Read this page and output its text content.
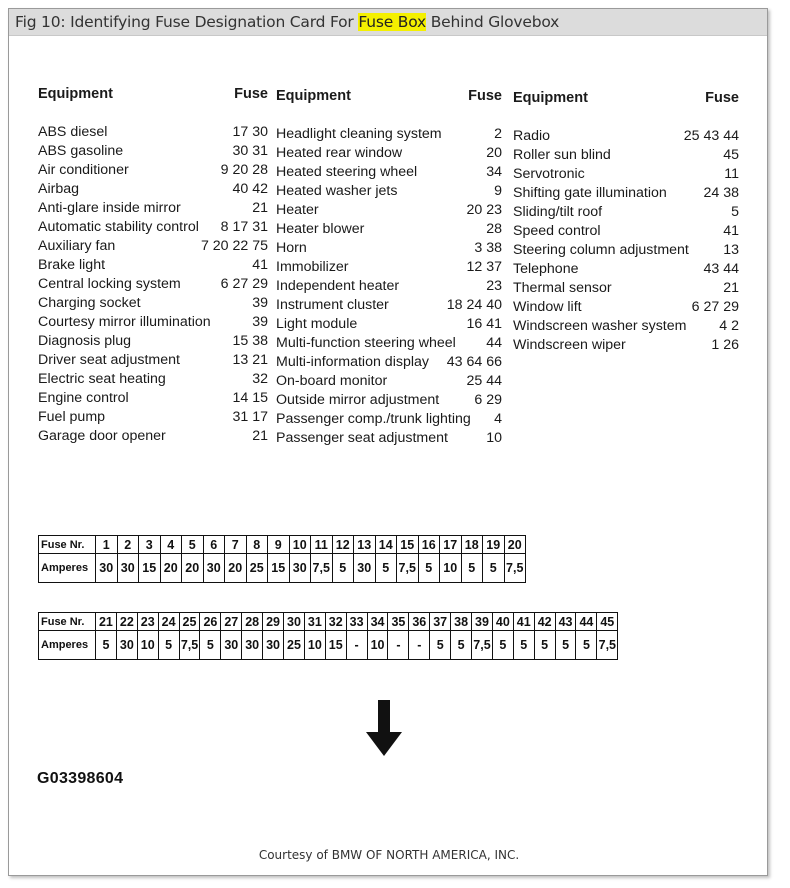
Fig 10: Identifying Fuse Designation Card For Fuse Box Behind Glovebox
Equipment	Fuse
ABS diesel	17 30
ABS gasoline	30 31
Air conditioner	9 20 28
Airbag	40 42
Anti-glare inside mirror	21
Automatic stability control 8 17 31
Auxiliary fan	7 20 22 75
Brake light	41
Central locking system	6 27 29
Charging socket	39
Courtesy mirror illumination	39
Diagnosis plug	15 38
Driver seat adjustment	13 21
Electric seat heating	32
Engine control	14 15
Fuel pump	31 17
Garage door opener	21
Equipment	Fuse
Headlight cleaning system	2
Heated rear window	20
Heated steering wheel	34
Heated washer jets	9
Heater	20 23
Heater blower	28
Horn	3 38
Immobilizer	12 37
Independent heater	23
Instrument cluster	18 24 40
Light module	16 41
Multi-function steering wheel 44
Multi-information display 43 64 66
On-board monitor	25 44
Outside mirror adjustment 6 29
Passenger comp./trunk lighting 4
Passenger seat adjustment	10
Equipment	Fuse
Radio	25 43 44
Roller sun blind	45
Servotronic	11
Shifting gate illumination	24 38
Sliding/tilt roof	5
Speed control	41
Steering column adjustment 13
Telephone	43 44
Thermal sensor	21
Window lift	6 27 29
Windscreen washer system 4 2
Windscreen wiper	1 26
Fuse Nr.	1	2	3	4	5	6	7	8	9	10	11	12	13	14	15	16	17	18	19	20
Amperes	30	30	15	20	20	30	20	25	15	30	7,5	5	30	5	7,5	5	10	5	5	7,5
Fuse Nr.	21	22	23	24	25	26	27	28	29	30	31	32	33	34	35	36	37	38	39	40	41	42	43	44	45
Amperes	5	30	10	5	7,5	5	30	30	30	25	10	15	-	10	-	-	5	5	7,5	5	5	5	5	5	7,5
G03398604
Courtesy of BMW OF NORTH AMERICA, INC.
